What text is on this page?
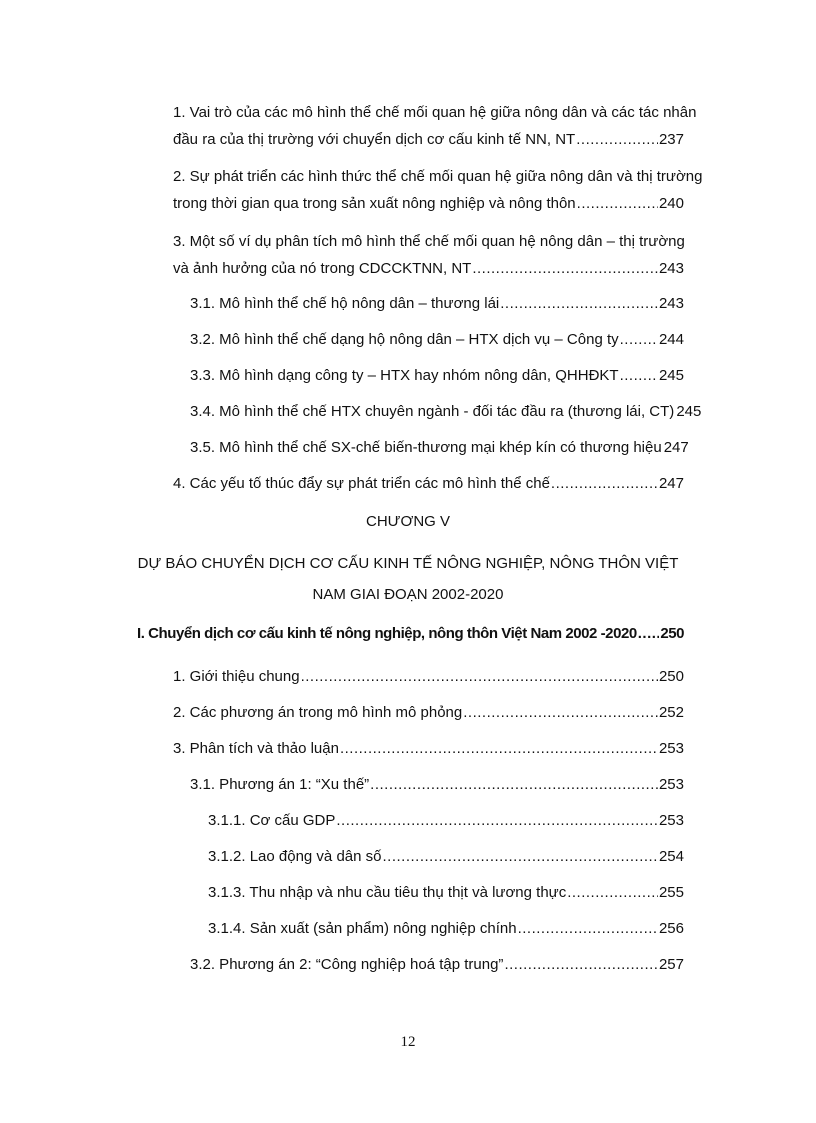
1. Vai trò của các mô hình thể chế mối quan hệ giữa nông dân và các tác nhân
đầu ra của thị trường với chuyển dịch cơ cấu kinh tế NN, NT .....	237
2. Sự phát triển các hình thức thể chế mối quan hệ giữa nông dân và thị trường
trong thời gian qua trong sản xuất nông nghiệp và nông thôn .....	240
3. Một số ví dụ phân tích mô hình thể chế mối quan hệ nông dân – thị trường
và ảnh hưởng của nó trong CDCCKTNN, NT .....	243
3.1. Mô hình thể chế hộ nông dân – thương lái .....	243
3.2. Mô hình thể chế dạng hộ nông dân – HTX dịch vụ – Công ty .....	244
3.3. Mô hình dạng công ty – HTX hay nhóm nông dân, QHHĐKT .....	245
3.4. Mô hình thể chế HTX chuyên ngành - đối tác đầu ra (thương lái, CT) 245
3.5. Mô hình thể chế SX-chế biến-thương mại khép kín có thương hiệu 247
4. Các yếu tố thúc đẩy sự phát triển các mô hình thể chế .....	247
CHƯƠNG V
DỰ BÁO CHUYỂN DỊCH CƠ CẤU KINH TẾ NÔNG NGHIỆP, NÔNG THÔN VIỆT
NAM GIAI ĐOẠN 2002-2020
I. Chuyển dịch cơ cấu kinh tế nông nghiệp, nông thôn Việt Nam 2002 -2020 ..... 250
1. Giới thiệu chung .....	250
2. Các phương án trong mô hình mô phỏng .....	252
3. Phân tích và thảo luận .....	253
3.1. Phương án 1: “Xu thế” .....	253
3.1.1. Cơ cấu GDP .....	253
3.1.2. Lao động và dân số .....	254
3.1.3. Thu nhập và nhu cầu tiêu thụ thịt và lương thực .....	255
3.1.4. Sản xuất (sản phẩm) nông nghiệp chính .....	256
3.2. Phương án 2: “Công nghiệp hoá tập trung” .....	257
12
